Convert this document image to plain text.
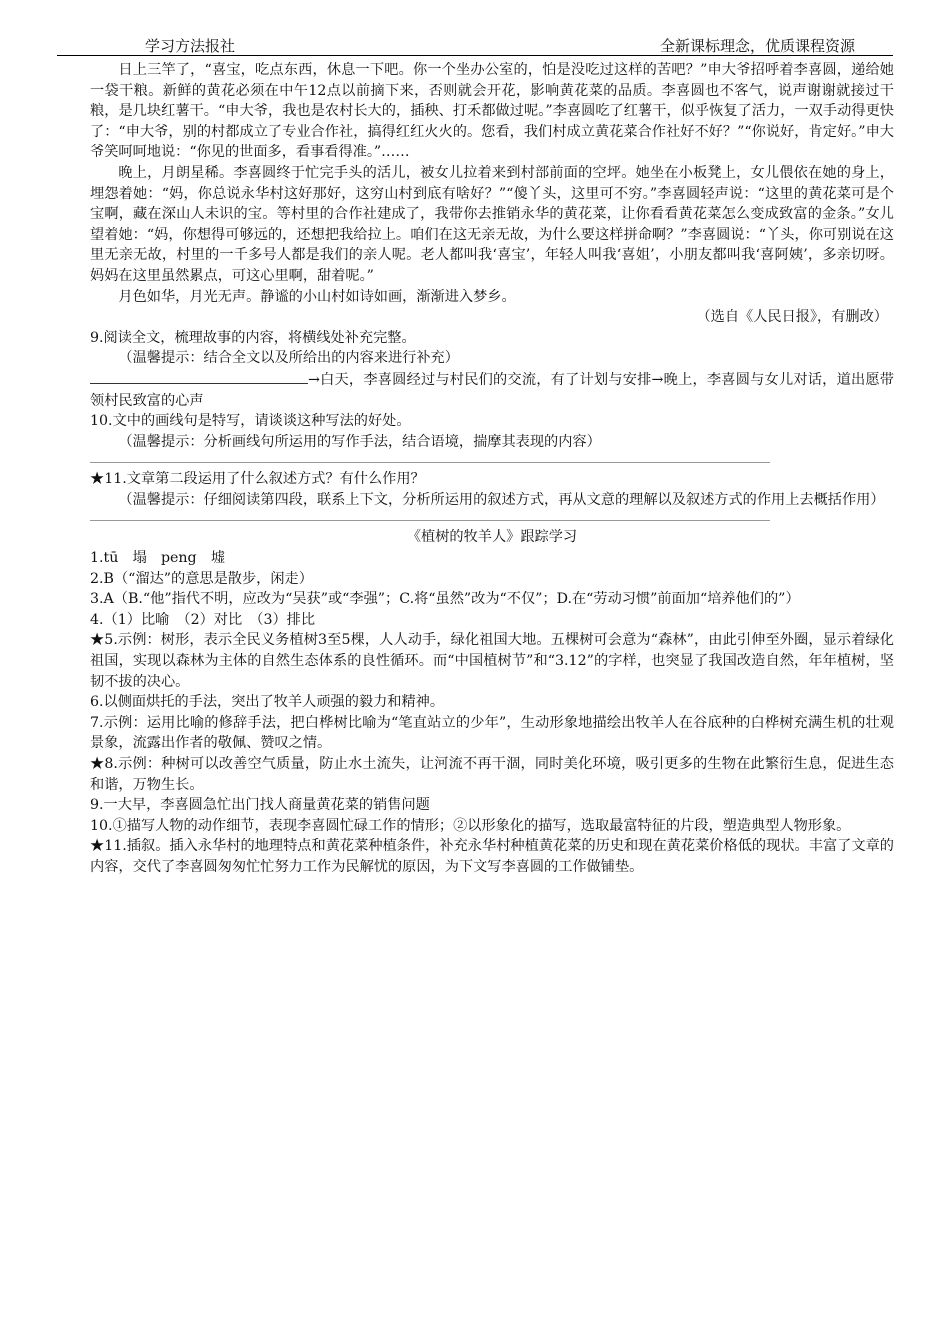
学习方法报社	全新课标理念，优质课程资源

日上三竿了，“喜宝，吃点东西，休息一下吧。你一个坐办公室的，怕是没吃过这样的苦吧？”申大爷招呼着李喜圆，递给她一袋干粮。新鲜的黄花必须在中午12点以前摘下来，否则就会开花，影响黄花菜的品质。李喜圆也不客气，说声谢谢就接过干粮，是几块红薯干。“申大爷，我也是农村长大的，插秧、打禾都做过呢。”李喜圆吃了红薯干，似乎恢复了活力，一双手动得更快了：“申大爷，别的村都成立了专业合作社，搞得红红火火的。您看，我们村成立黄花菜合作社好不好？”“你说好，肯定好。”申大爷笑呵呵地说：“你见的世面多，看事看得准。”……

晚上，月朗星稀。李喜圆终于忙完手头的活儿，被女儿拉着来到村部前面的空坪。她坐在小板凳上，女儿偎依在她的身上，埋怨着她：“妈，你总说永华村这好那好，这穷山村到底有啥好？”“傻丫头，这里可不穷。”李喜圆轻声说：“这里的黄花菜可是个宝啊，藏在深山人未识的宝。等村里的合作社建成了，我带你去推销永华的黄花菜，让你看看黄花菜怎么变成致富的金条。”女儿望着她：“妈，你想得可够远的，还想把我给拉上。咱们在这无亲无故，为什么要这样拼命啊？”李喜圆说：“丫头，你可别说在这里无亲无故，村里的一千多号人都是我们的亲人呢。老人都叫我‘喜宝’，年轻人叫我‘喜姐’，小朋友都叫我‘喜阿姨’，多亲切呀。妈妈在这里虽然累点，可这心里啊，甜着呢。”

月色如华，月光无声。静谧的小山村如诗如画，渐渐进入梦乡。

（选自《人民日报》，有删改）

9.阅读全文，梳理故事的内容，将横线处补充完整。

（温馨提示：结合全文以及所给出的内容来进行补充）

→白天，李喜圆经过与村民们的交流，有了计划与安排→晚上，李喜圆与女儿对话，道出愿带领村民致富的心声

10.文中的画线句是特写，请谈谈这种写法的好处。

（温馨提示：分析画线句所运用的写作手法，结合语境，揣摩其表现的内容）

★11.文章第二段运用了什么叙述方式？有什么作用？

（温馨提示：仔细阅读第四段，联系上下文，分析所运用的叙述方式，再从文意的理解以及叙述方式的作用上去概括作用）

《植树的牧羊人》跟踪学习

1.tū　塌　peng　墟

2.B（“溜达”的意思是散步，闲走）

3.A（B.“他”指代不明，应改为“吴获”或“李强”；C.将“虽然”改为“不仅”；D.在“劳动习惯”前面加“培养他们的”）

4.（1）比喻　（2）对比　（3）排比

★5.示例：树形，表示全民义务植树3至5棵，人人动手，绿化祖国大地。五棵树可会意为“森林”，由此引伸至外圈，显示着绿化祖国，实现以森林为主体的自然生态体系的良性循环。而“中国植树节”和“3.12”的字样，也突显了我国改造自然，年年植树，坚韧不拔的决心。

6.以侧面烘托的手法，突出了牧羊人顽强的毅力和精神。

7.示例：运用比喻的修辞手法，把白桦树比喻为“笔直站立的少年”，生动形象地描绘出牧羊人在谷底种的白桦树充满生机的壮观景象，流露出作者的敬佩、赞叹之情。

★8.示例：种树可以改善空气质量，防止水土流失，让河流不再干涸，同时美化环境，吸引更多的生物在此繁衍生息，促进生态和谐，万物生长。

9.一大早，李喜圆急忙出门找人商量黄花菜的销售问题

10.①描写人物的动作细节，表现李喜圆忙碌工作的情形；②以形象化的描写，选取最富特征的片段，塑造典型人物形象。

★11.插叙。插入永华村的地理特点和黄花菜种植条件，补充永华村种植黄花菜的历史和现在黄花菜价格低的现状。丰富了文章的内容，交代了李喜圆匆匆忙忙努力工作为民解忧的原因，为下文写李喜圆的工作做铺垫。
